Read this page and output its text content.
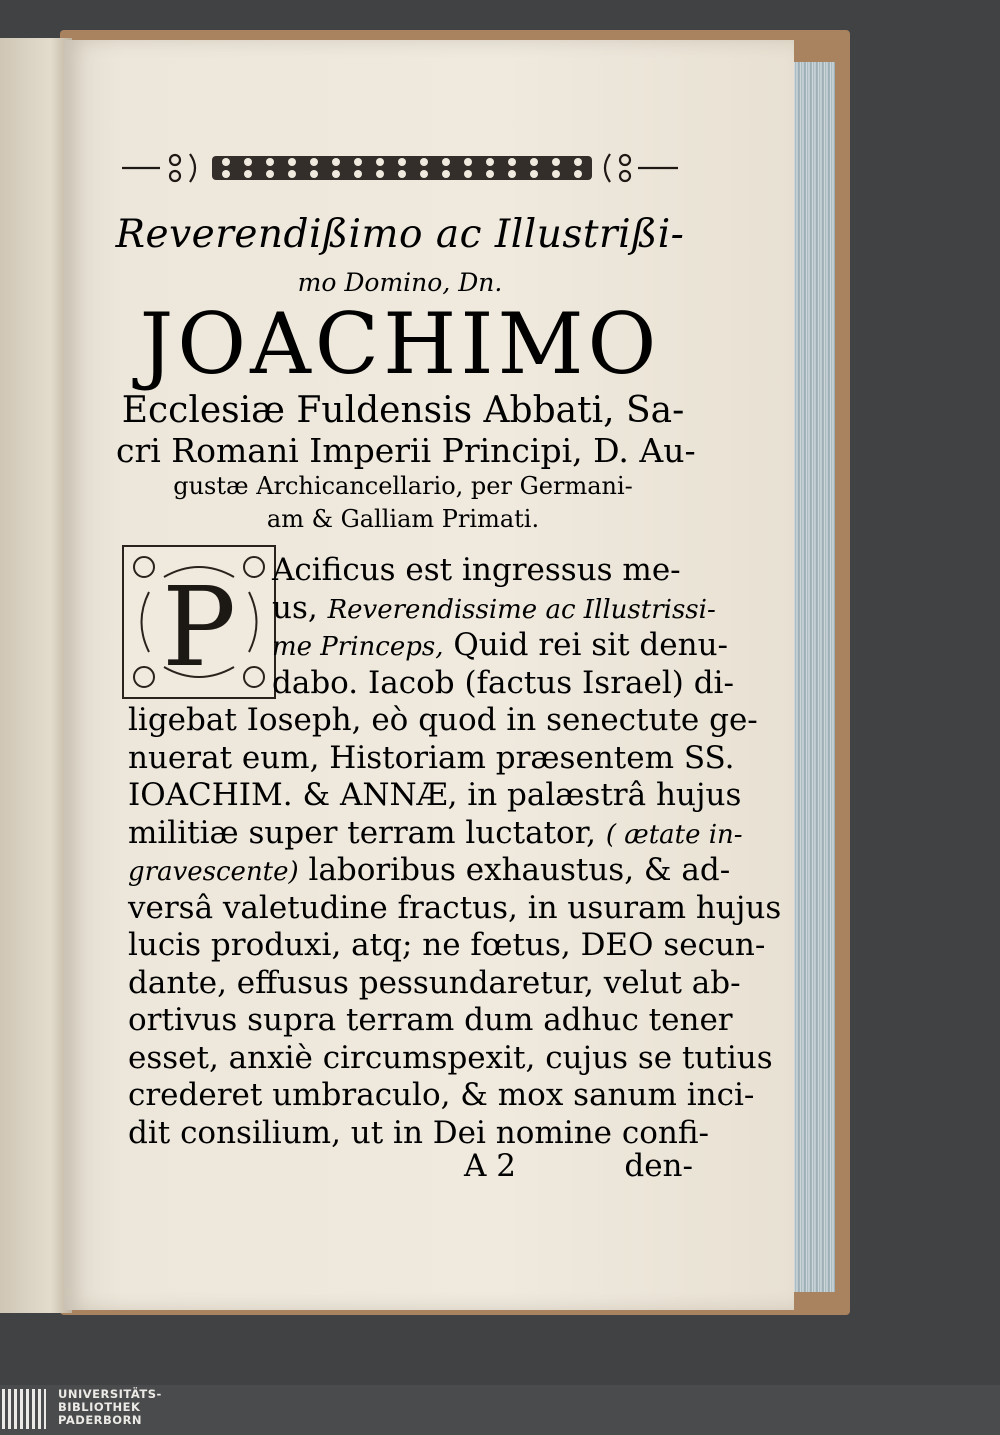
Reverendißimo ac Illustrißi-
mo Domino, Dn.
JOACHIMO
Ecclesiæ Fuldensis Abbati, Sa-
cri Romani Imperii Principi, D. Au-
gustæ Archicancellario, per Germani-
am & Galliam Primati.
P	Acificus est ingressus me-
us, Reverendissime ac Illustrissi-
me Princeps, Quid rei sit denu-
dabo. Iacob (factus Israel) di-
ligebat Ioseph, eò quod in senectute ge-
nuerat eum, Historiam præsentem SS.
IOACHIM. & ANNÆ, in palæstrâ hujus
militiæ super terram luctator, ( ætate in-
gravescente) laboribus exhaustus, & ad-
versâ valetudine fractus, in usuram hujus
lucis produxi, atq; ne fœtus, DEO secun-
dante, effusus pessundaretur, velut ab-
ortivus supra terram dum adhuc tener
esset, anxiè circumspexit, cujus se tutius
crederet umbraculo, & mox sanum inci-
dit consilium, ut in Dei nomine confi-
A 2	den-
UNIVERSITÄTS-
BIBLIOTHEK
PADERBORN
